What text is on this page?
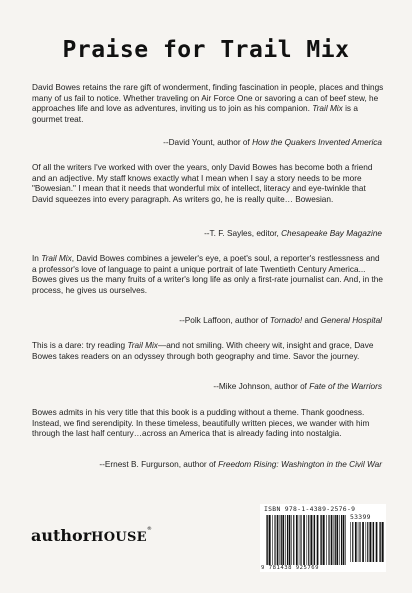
Praise for Trail Mix
David Bowes retains the rare gift of wonderment, finding fascination in people, places and things many of us fail to notice. Whether traveling on Air Force One or savoring a can of beef stew, he approaches life and love as adventures, inviting us to join as his companion. Trail Mix is a gourmet treat.
--David Yount, author of How the Quakers Invented America
Of all the writers I've worked with over the years, only David Bowes has become both a friend and an adjective. My staff knows exactly what I mean when I say a story needs to be more "Bowesian." I mean that it needs that wonderful mix of intellect, literacy and eye-twinkle that David squeezes into every paragraph. As writers go, he is really quite… Bowesian.
--T. F. Sayles, editor, Chesapeake Bay Magazine
In Trail Mix, David Bowes combines a jeweler's eye, a poet's soul, a reporter's restlessness and a professor's love of language to paint a unique portrait of late Twentieth Century America... Bowes gives us the many fruits of a writer's long life as only a first-rate journalist can. And, in the process, he gives us ourselves.
--Polk Laffoon, author of Tornado! and General Hospital
This is a dare: try reading Trail Mix—and not smiling. With cheery wit, insight and grace, Dave Bowes takes readers on an odyssey through both geography and time. Savor the journey.
--Mike Johnson, author of Fate of the Warriors
Bowes admits in his very title that this book is a pudding without a theme. Thank goodness. Instead, we find serendipity. In these timeless, beautifully written pieces, we wander with him through the last half century…across an America that is already fading into nostalgia.
--Ernest B. Furgurson, author of Freedom Rising: Washington in the Civil War
ISBN 978-1-4389-2576-9
53399
9 781438 925769
authorHOUSE®
